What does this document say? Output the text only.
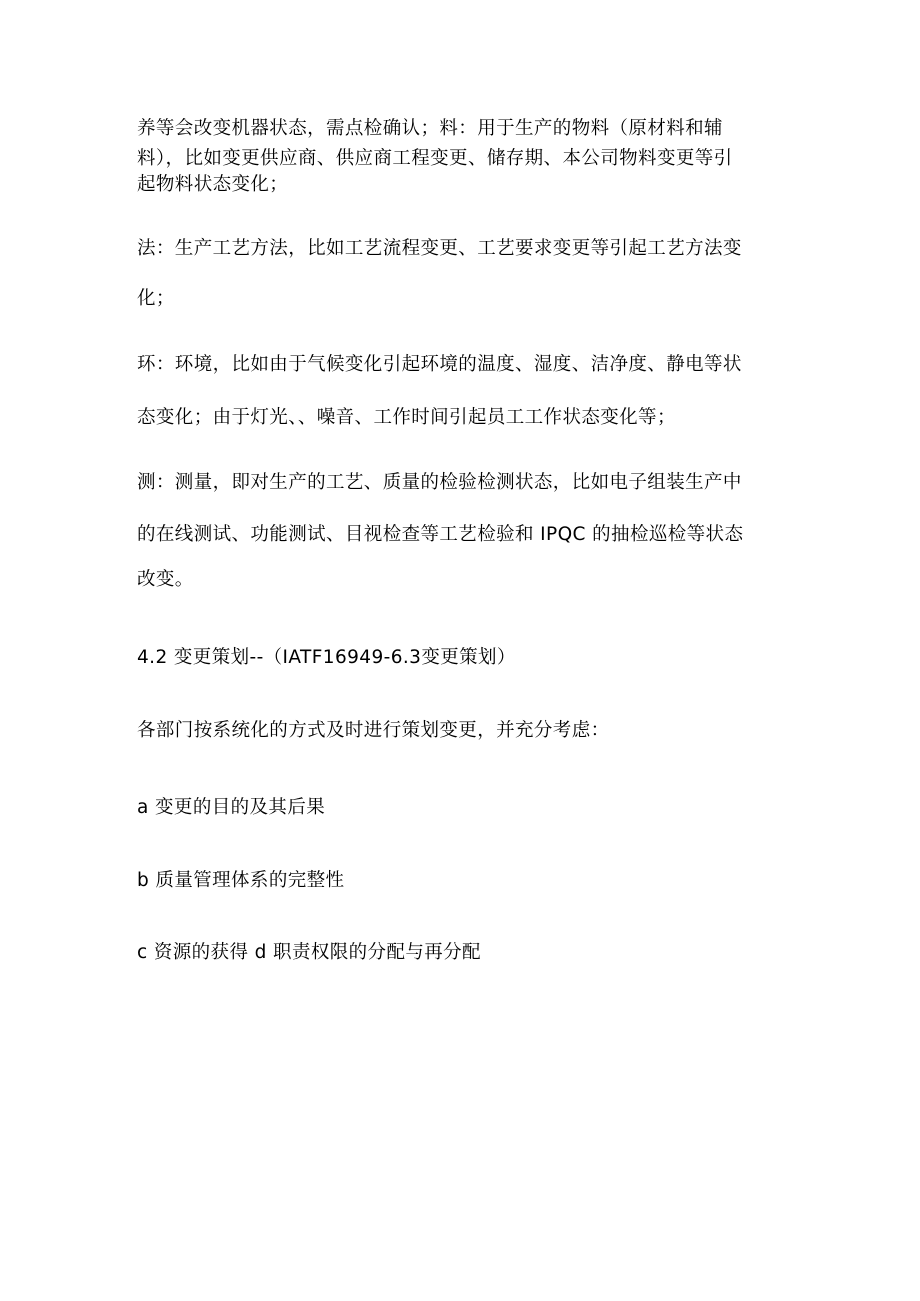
养等会改变机器状态，需点检确认；料：用于生产的物料（原材料和辅
料），比如变更供应商、供应商工程变更、储存期、本公司物料变更等引
起物料状态变化；
法：生产工艺方法，比如工艺流程变更、工艺要求变更等引起工艺方法变
化；
环：环境，比如由于气候变化引起环境的温度、湿度、洁净度、静电等状
态变化；由于灯光、、噪音、工作时间引起员工工作状态变化等；
测：测量，即对生产的工艺、质量的检验检测状态，比如电子组装生产中
的在线测试、功能测试、目视检查等工艺检验和 IPQC 的抽检巡检等状态
改变。
4.2 变更策划--（IATF16949-6.3变更策划）
各部门按系统化的方式及时进行策划变更，并充分考虑：
a 变更的目的及其后果
b 质量管理体系的完整性
c 资源的获得 d 职责权限的分配与再分配
